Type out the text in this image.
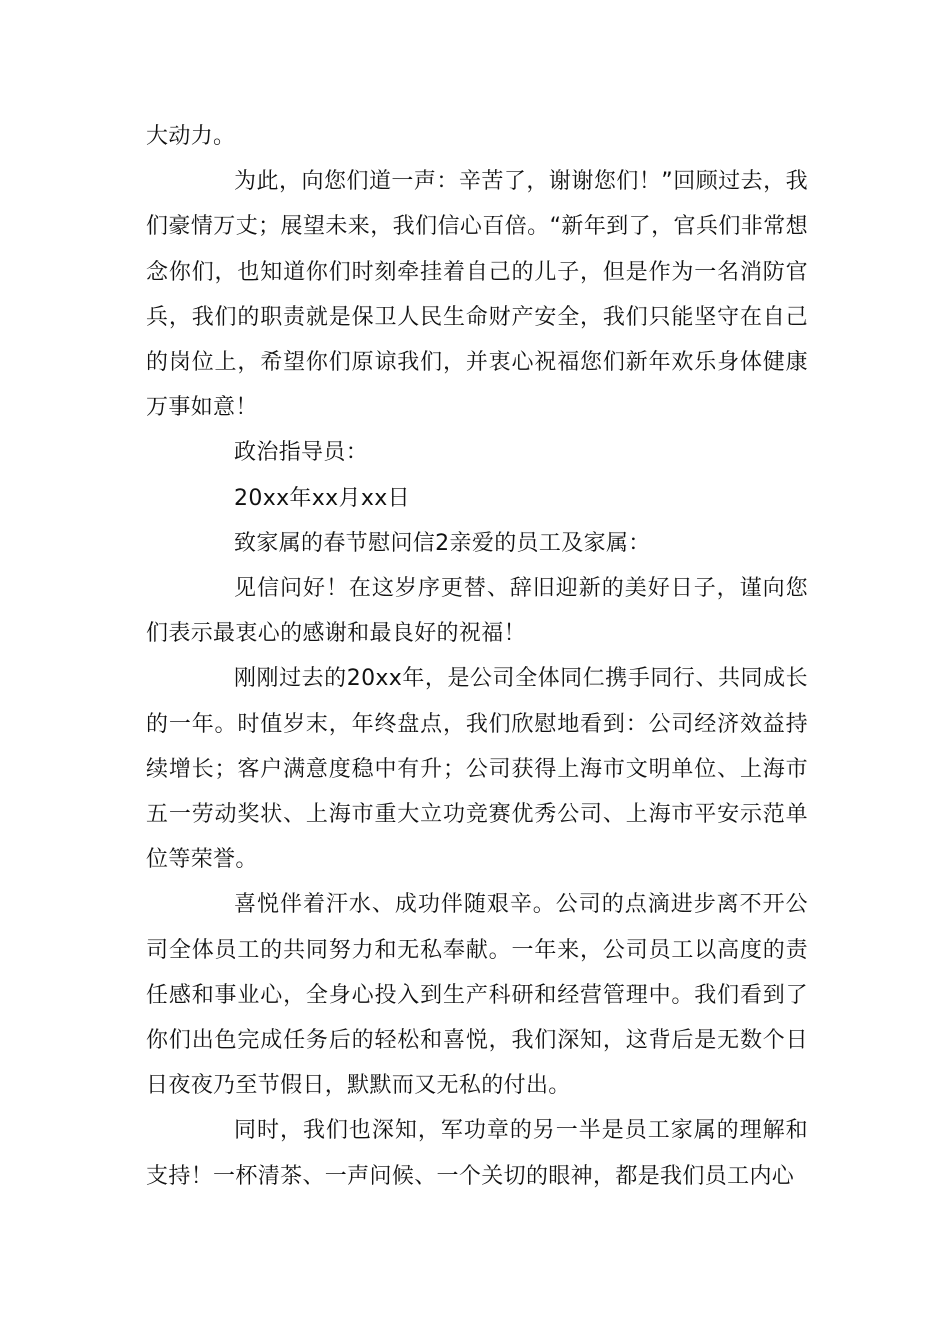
大动力。

为此，向您们道一声：辛苦了，谢谢您们！”回顾过去，我们豪情万丈；展望未来，我们信心百倍。“新年到了，官兵们非常想念你们，也知道你们时刻牵挂着自己的儿子，但是作为一名消防官兵，我们的职责就是保卫人民生命财产安全，我们只能坚守在自己的岗位上，希望你们原谅我们，并衷心祝福您们新年欢乐身体健康万事如意！

政治指导员：

20xx年xx月xx日

致家属的春节慰问信2亲爱的员工及家属：

见信问好！在这岁序更替、辞旧迎新的美好日子，谨向您们表示最衷心的感谢和最良好的祝福！

刚刚过去的20xx年，是公司全体同仁携手同行、共同成长的一年。时值岁末，年终盘点，我们欣慰地看到：公司经济效益持续增长；客户满意度稳中有升；公司获得上海市文明单位、上海市五一劳动奖状、上海市重大立功竞赛优秀公司、上海市平安示范单位等荣誉。

喜悦伴着汗水、成功伴随艰辛。公司的点滴进步离不开公司全体员工的共同努力和无私奉献。一年来，公司员工以高度的责任感和事业心，全身心投入到生产科研和经营管理中。我们看到了你们出色完成任务后的轻松和喜悦，我们深知，这背后是无数个日日夜夜乃至节假日，默默而又无私的付出。

同时，我们也深知，军功章的另一半是员工家属的理解和支持！一杯清茶、一声问候、一个关切的眼神，都是我们员工内心
